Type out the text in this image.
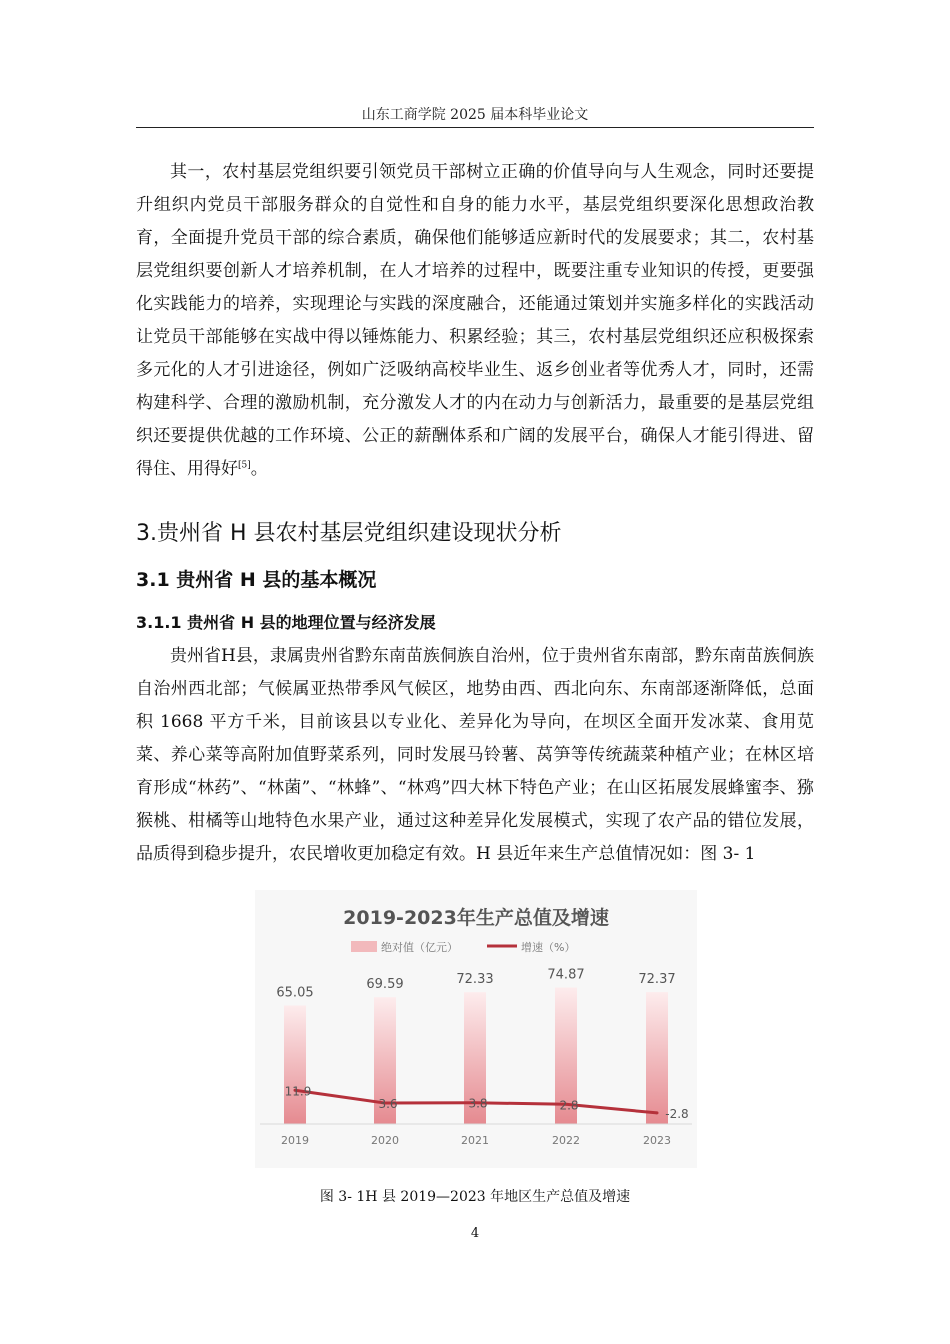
山东工商学院 2025 届本科毕业论文

其一，农村基层党组织要引领党员干部树立正确的价值导向与人生观念，同时还要提升组织内党员干部服务群众的自觉性和自身的能力水平，基层党组织要深化思想政治教育，全面提升党员干部的综合素质，确保他们能够适应新时代的发展要求；其二，农村基层党组织要创新人才培养机制，在人才培养的过程中，既要注重专业知识的传授，更要强化实践能力的培养，实现理论与实践的深度融合，还能通过策划并实施多样化的实践活动让党员干部能够在实战中得以锤炼能力、积累经验；其三，农村基层党组织还应积极探索多元化的人才引进途径，例如广泛吸纳高校毕业生、返乡创业者等优秀人才，同时，还需构建科学、合理的激励机制，充分激发人才的内在动力与创新活力，最重要的是基层党组织还要提供优越的工作环境、公正的薪酬体系和广阔的发展平台，确保人才能引得进、留得住、用得好[5]。

3.贵州省 H 县农村基层党组织建设现状分析
3.1 贵州省 H 县的基本概况
3.1.1 贵州省 H 县的地理位置与经济发展

贵州省H县，隶属贵州省黔东南苗族侗族自治州，位于贵州省东南部，黔东南苗族侗族自治州西北部；气候属亚热带季风气候区，地势由西、西北向东、东南部逐渐降低，总面积 1668 平方千米，目前该县以专业化、差异化为导向，在坝区全面开发冰菜、食用苋菜、养心菜等高附加值野菜系列，同时发展马铃薯、莴笋等传统蔬菜种植产业；在林区培育形成“林药”、“林菌”、“林蜂”、“林鸡”四大林下特色产业；在山区拓展发展蜂蜜李、猕猴桃、柑橘等山地特色水果产业，通过这种差异化发展模式，实现了农产品的错位发展，品质得到稳步提升，农民增收更加稳定有效。H 县近年来生产总值情况如：图 3- 1

2019-2023年生产总值及增速
绝对值（亿元）	增速（%）
65.05
2019
69.59
2020
72.33
2021
74.87
2022
72.37
2023
11.9
3.6	3.8	2.8
-2.8
图 3- 1H 县 2019—2023 年地区生产总值及增速
4
